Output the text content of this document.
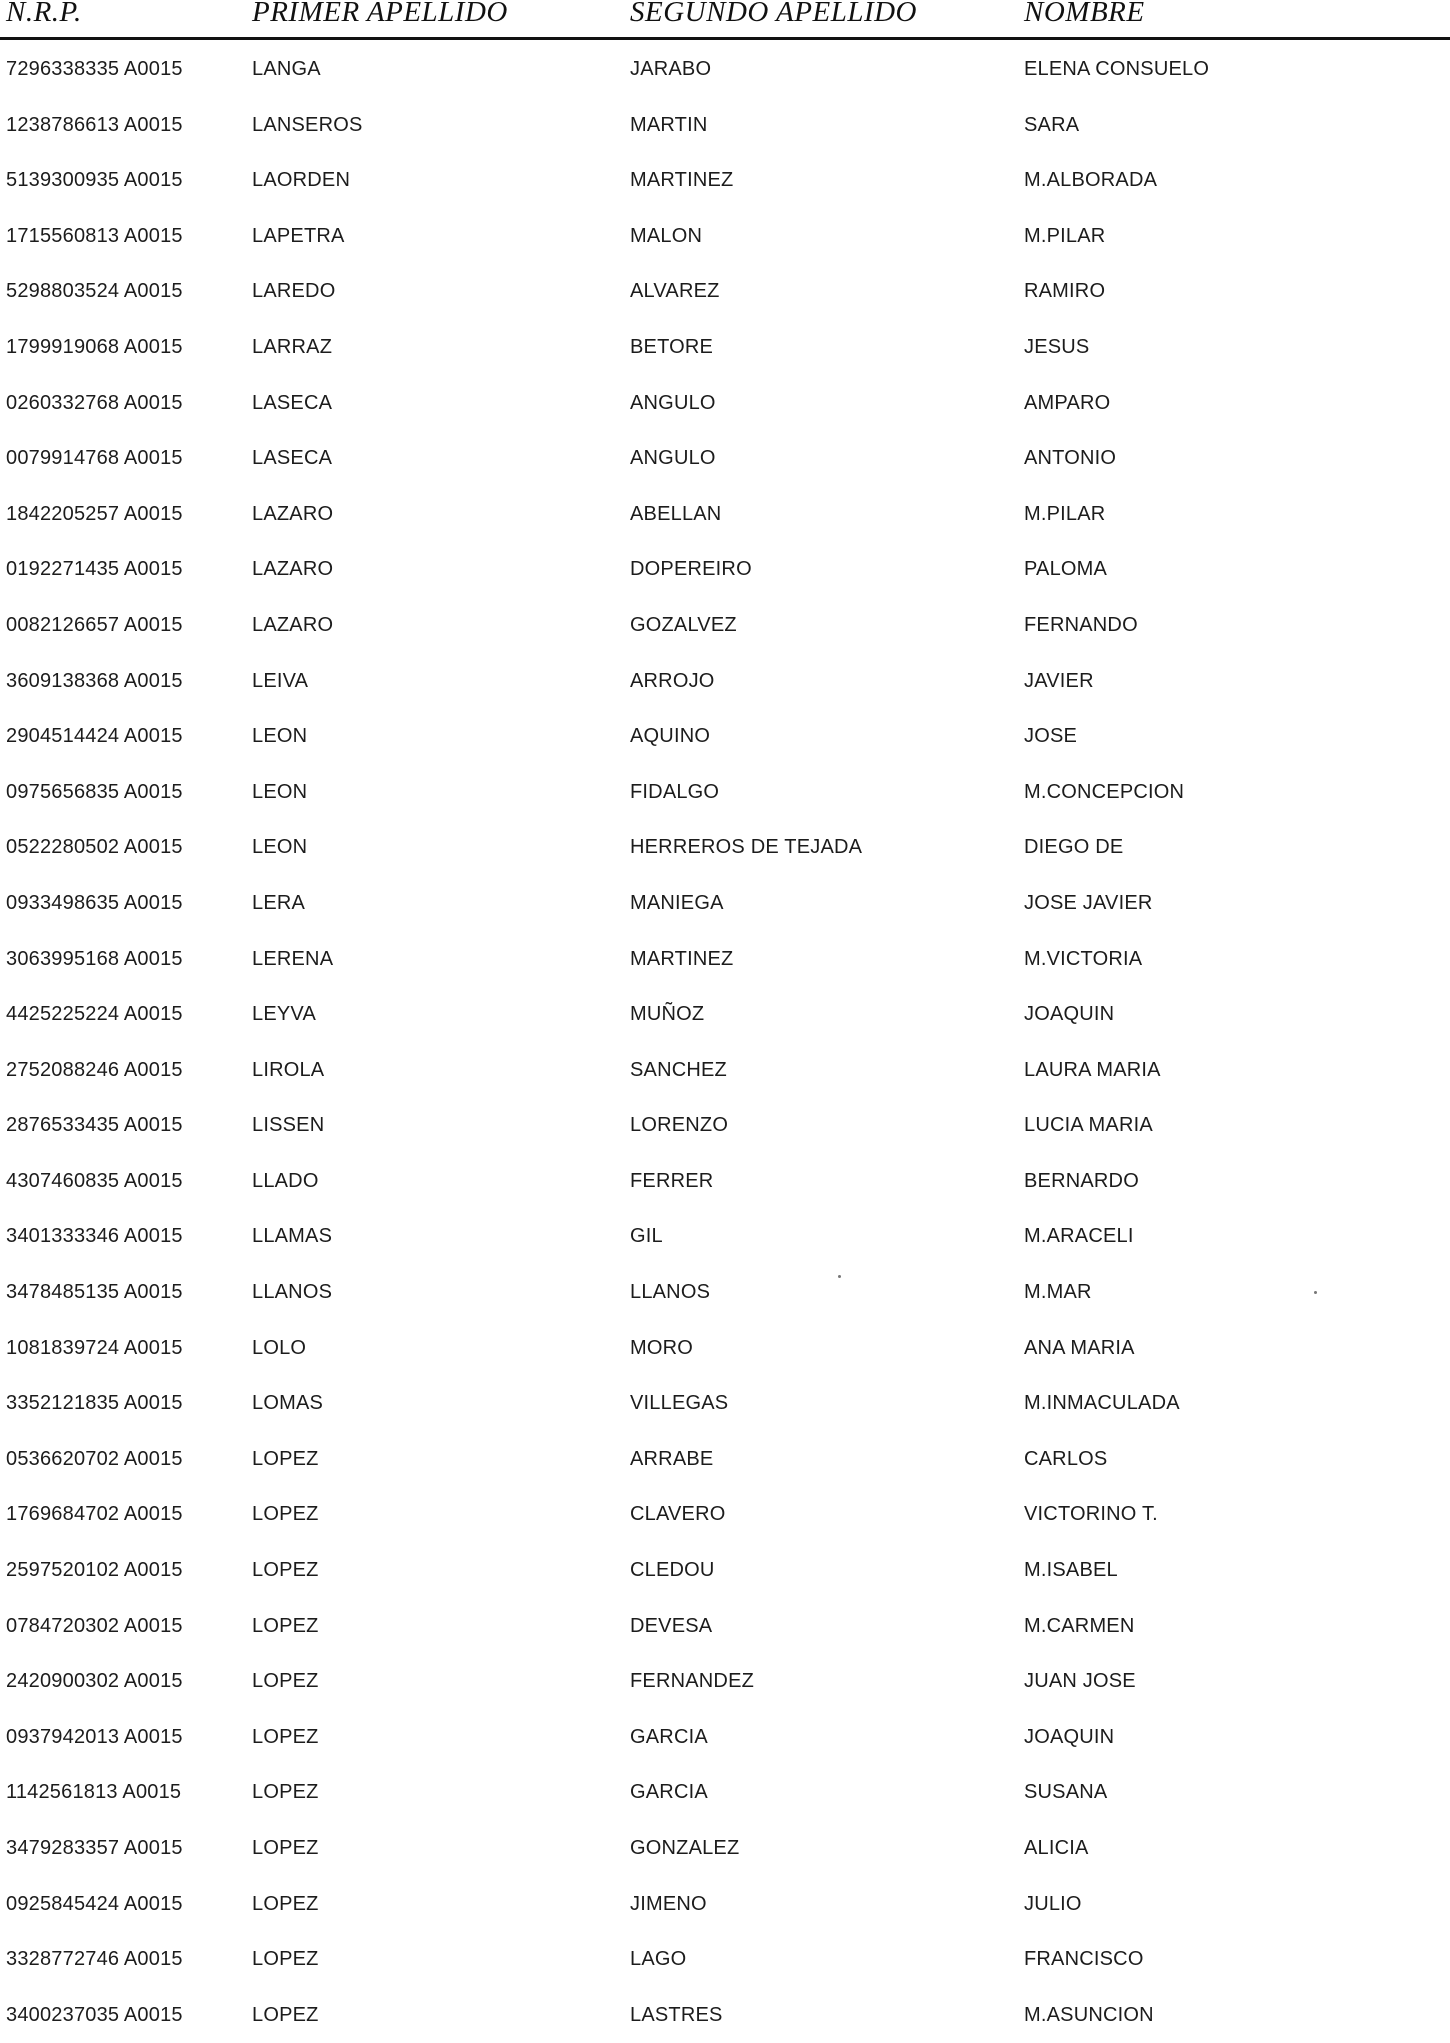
N.R.P.	PRIMER APELLIDO	SEGUNDO APELLIDO	NOMBRE
7296338335 A0015	LANGA	JARABO	ELENA CONSUELO
1238786613 A0015	LANSEROS	MARTIN	SARA
5139300935 A0015	LAORDEN	MARTINEZ	M.ALBORADA
1715560813 A0015	LAPETRA	MALON	M.PILAR
5298803524 A0015	LAREDO	ALVAREZ	RAMIRO
1799919068 A0015	LARRAZ	BETORE	JESUS
0260332768 A0015	LASECA	ANGULO	AMPARO
0079914768 A0015	LASECA	ANGULO	ANTONIO
1842205257 A0015	LAZARO	ABELLAN	M.PILAR
0192271435 A0015	LAZARO	DOPEREIRO	PALOMA
0082126657 A0015	LAZARO	GOZALVEZ	FERNANDO
3609138368 A0015	LEIVA	ARROJO	JAVIER
2904514424 A0015	LEON	AQUINO	JOSE
0975656835 A0015	LEON	FIDALGO	M.CONCEPCION
0522280502 A0015	LEON	HERREROS DE TEJADA	DIEGO DE
0933498635 A0015	LERA	MANIEGA	JOSE JAVIER
3063995168 A0015	LERENA	MARTINEZ	M.VICTORIA
4425225224 A0015	LEYVA	MUÑOZ	JOAQUIN
2752088246 A0015	LIROLA	SANCHEZ	LAURA MARIA
2876533435 A0015	LISSEN	LORENZO	LUCIA MARIA
4307460835 A0015	LLADO	FERRER	BERNARDO
3401333346 A0015	LLAMAS	GIL	M.ARACELI
3478485135 A0015	LLANOS	LLANOS	M.MAR
1081839724 A0015	LOLO	MORO	ANA MARIA
3352121835 A0015	LOMAS	VILLEGAS	M.INMACULADA
0536620702 A0015	LOPEZ	ARRABE	CARLOS
1769684702 A0015	LOPEZ	CLAVERO	VICTORINO T.
2597520102 A0015	LOPEZ	CLEDOU	M.ISABEL
0784720302 A0015	LOPEZ	DEVESA	M.CARMEN
2420900302 A0015	LOPEZ	FERNANDEZ	JUAN JOSE
0937942013 A0015	LOPEZ	GARCIA	JOAQUIN
1142561813 A0015	LOPEZ	GARCIA	SUSANA
3479283357 A0015	LOPEZ	GONZALEZ	ALICIA
0925845424 A0015	LOPEZ	JIMENO	JULIO
3328772746 A0015	LOPEZ	LAGO	FRANCISCO
3400237035 A0015	LOPEZ	LASTRES	M.ASUNCION
